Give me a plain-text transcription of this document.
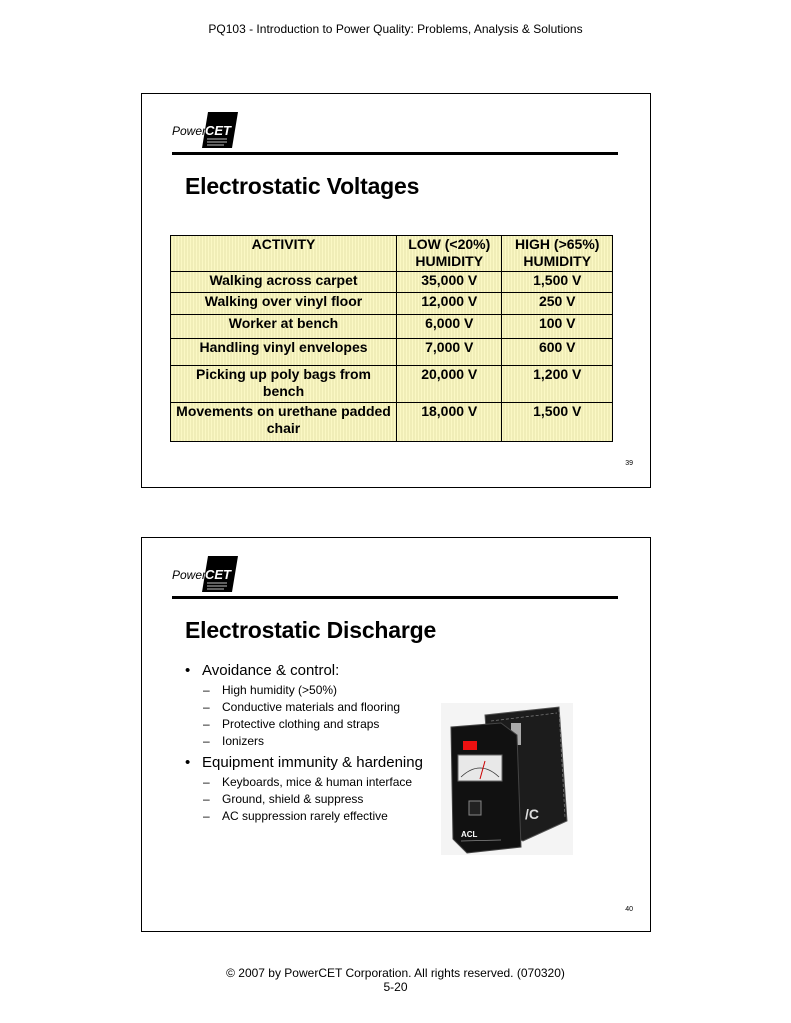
PQ103 - Introduction to Power Quality: Problems, Analysis & Solutions
Power
CET
Electrostatic Voltages
ACTIVITY	LOW (<20%) HUMIDITY	HIGH (>65%) HUMIDITY
Walking across carpet	35,000 V	1,500 V
Walking over vinyl floor	12,000 V	250 V
Worker at bench	6,000 V	100 V
Handling vinyl envelopes	7,000 V	600 V
Picking up poly bags from bench	20,000 V	1,200 V
Movements on urethane padded chair	18,000 V	1,500 V
39
Power
CET
Electrostatic Discharge
• Avoidance & control:
– High humidity (>50%)
– Conductive materials and flooring
– Protective clothing and straps
– Ionizers
• Equipment immunity & hardening
– Keyboards, mice & human interface
– Ground, shield & suppress
– AC suppression rarely effective
ACL
/C
40
© 2007 by PowerCET Corporation. All rights reserved. (070320)
5-20
